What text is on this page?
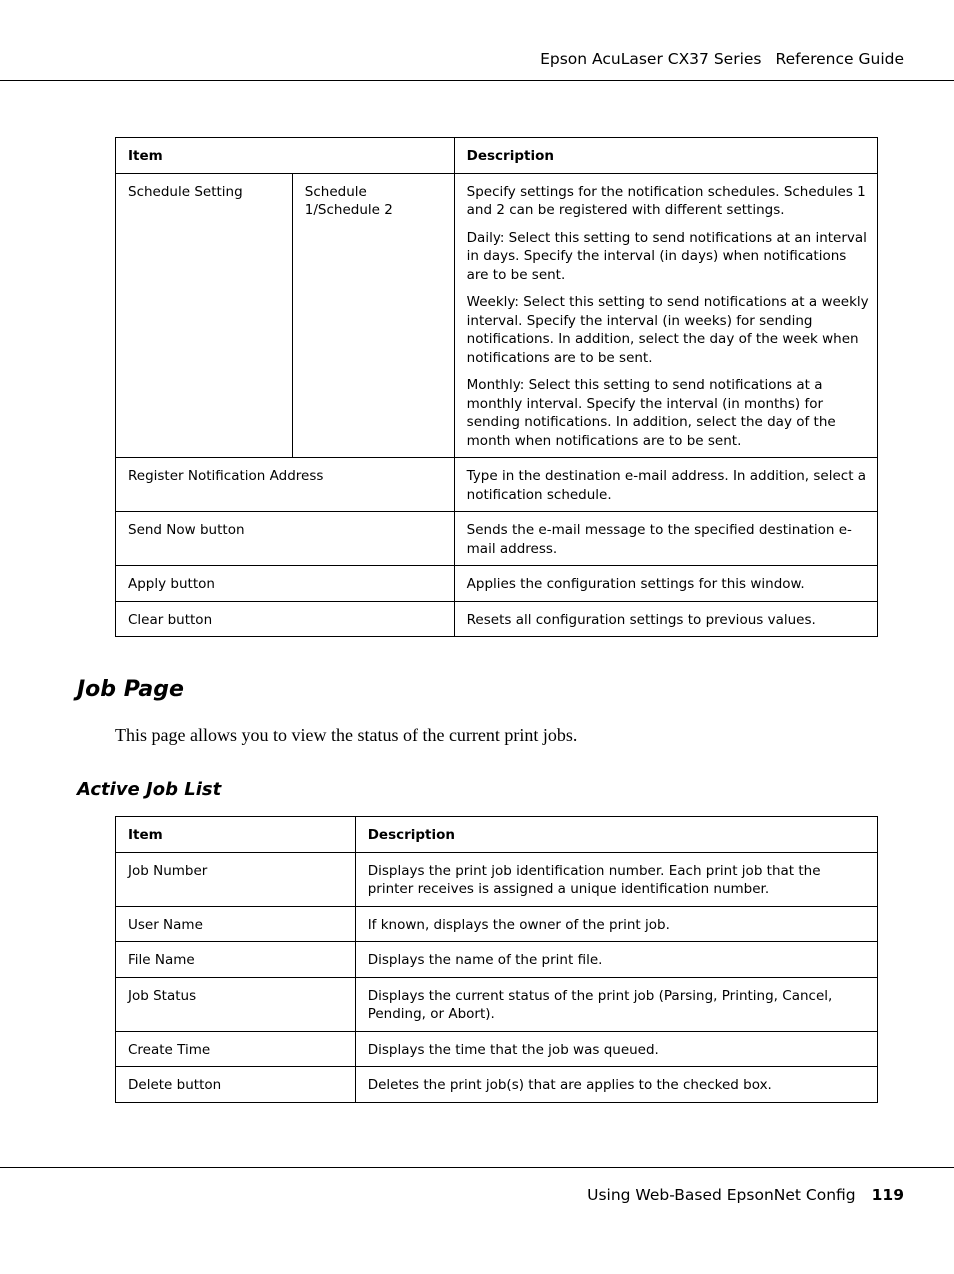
Epson AcuLaser CX37 Series Reference Guide
Item		Description
Schedule Setting	Schedule 1/Schedule 2	Specify settings for the notification schedules. Schedules 1 and 2 can be registered with different settings.

Daily: Select this setting to send notifications at an interval in days. Specify the interval (in days) when notifications are to be sent.

Weekly: Select this setting to send notifications at a weekly interval. Specify the interval (in weeks) for sending notifications. In addition, select the day of the week when notifications are to be sent.

Monthly: Select this setting to send notifications at a monthly interval. Specify the interval (in months) for sending notifications. In addition, select the day of the month when notifications are to be sent.

Register Notification Address		Type in the destination e-mail address. In addition, select a notification schedule.
Send Now button		Sends the e-mail message to the specified destination e-mail address.
Apply button		Applies the configuration settings for this window.
Clear button		Resets all configuration settings to previous values.
Job Page

This page allows you to view the status of the current print jobs.

Active Job List
Item	Description
Job Number	Displays the print job identification number. Each print job that the printer receives is assigned a unique identification number.
User Name	If known, displays the owner of the print job.
File Name	Displays the name of the print file.
Job Status	Displays the current status of the print job (Parsing, Printing, Cancel, Pending, or Abort).
Create Time	Displays the time that the job was queued.
Delete button	Deletes the print job(s) that are applies to the checked box.
Using Web-Based EpsonNet Config 119
